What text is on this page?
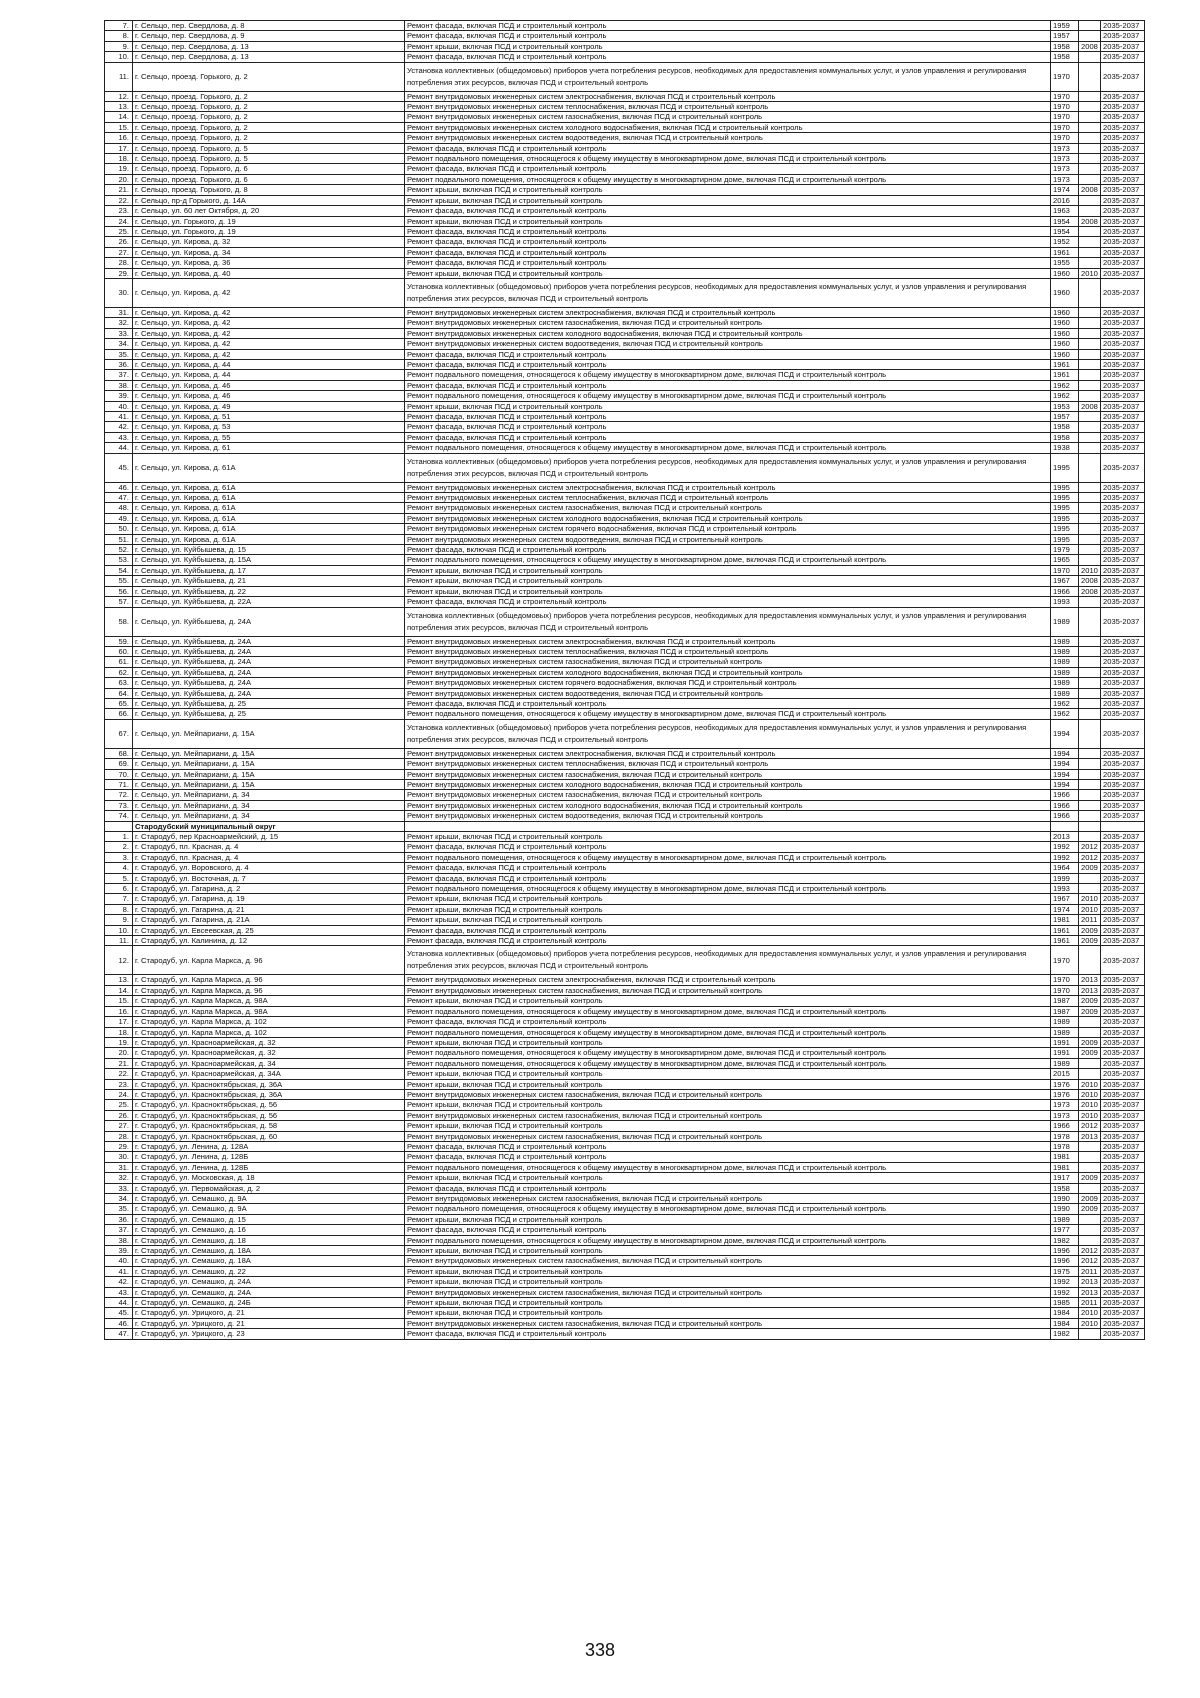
7.	г. Сельцо, пер. Свердлова, д. 8	Ремонт фасада, включая ПСД и строительный контроль	1959		2035-2037
8.	г. Сельцо, пер. Свердлова, д. 9	Ремонт фасада, включая ПСД и строительный контроль	1957		2035-2037
9.	г. Сельцо, пер. Свердлова, д. 13	Ремонт крыши, включая ПСД и строительный контроль	1958	2008	2035-2037
10.	г. Сельцо, пер. Свердлова, д. 13	Ремонт фасада, включая ПСД и строительный контроль	1958		2035-2037
11.	г. Сельцо, проезд. Горького, д. 2	Установка коллективных (общедомовых) приборов учета потребления ресурсов, необходимых для предоставления коммунальных услуг, и узлов управления и регулирования потребления этих ресурсов, включая ПСД и строительный контроль	1970		2035-2037
12.	г. Сельцо, проезд. Горького, д. 2	Ремонт внутридомовых инженерных систем электроснабжения, включая ПСД и строительный контроль	1970		2035-2037
13.	г. Сельцо, проезд. Горького, д. 2	Ремонт внутридомовых инженерных систем теплоснабжения, включая ПСД и строительный контроль	1970		2035-2037
14.	г. Сельцо, проезд. Горького, д. 2	Ремонт внутридомовых инженерных систем газоснабжения, включая ПСД и строительный контроль	1970		2035-2037
15.	г. Сельцо, проезд. Горького, д. 2	Ремонт внутридомовых инженерных систем холодного водоснабжения, включая ПСД и строительный контроль	1970		2035-2037
16.	г. Сельцо, проезд. Горького, д. 2	Ремонт внутридомовых инженерных систем водоотведения, включая ПСД и строительный контроль	1970		2035-2037
17.	г. Сельцо, проезд. Горького, д. 5	Ремонт фасада, включая ПСД и строительный контроль	1973		2035-2037
18.	г. Сельцо, проезд. Горького, д. 5	Ремонт подвального помещения, относящегося к общему имуществу в многоквартирном доме, включая ПСД и строительный контроль	1973		2035-2037
19.	г. Сельцо, проезд. Горького, д. 6	Ремонт фасада, включая ПСД и строительный контроль	1973		2035-2037
20.	г. Сельцо, проезд. Горького, д. 6	Ремонт подвального помещения, относящегося к общему имуществу в многоквартирном доме, включая ПСД и строительный контроль	1973		2035-2037
21.	г. Сельцо, проезд. Горького, д. 8	Ремонт крыши, включая ПСД и строительный контроль	1974	2008	2035-2037
22.	г. Сельцо, пр-д Горького, д. 14А	Ремонт крыши, включая ПСД и строительный контроль	2016		2035-2037
23.	г. Сельцо, ул. 60 лет Октября, д. 20	Ремонт фасада, включая ПСД и строительный контроль	1963		2035-2037
24.	г. Сельцо, ул. Горького, д. 19	Ремонт крыши, включая ПСД и строительный контроль	1954	2008	2035-2037
25.	г. Сельцо, ул. Горького, д. 19	Ремонт фасада, включая ПСД и строительный контроль	1954		2035-2037
26.	г. Сельцо, ул. Кирова, д. 32	Ремонт фасада, включая ПСД и строительный контроль	1952		2035-2037
27.	г. Сельцо, ул. Кирова, д. 34	Ремонт фасада, включая ПСД и строительный контроль	1961		2035-2037
28.	г. Сельцо, ул. Кирова, д. 36	Ремонт фасада, включая ПСД и строительный контроль	1955		2035-2037
29.	г. Сельцо, ул. Кирова, д. 40	Ремонт крыши, включая ПСД и строительный контроль	1960	2010	2035-2037
30.	г. Сельцо, ул. Кирова, д. 42	Установка коллективных (общедомовых) приборов учета потребления ресурсов, необходимых для предоставления коммунальных услуг, и узлов управления и регулирования потребления этих ресурсов, включая ПСД и строительный контроль	1960		2035-2037
31.	г. Сельцо, ул. Кирова, д. 42	Ремонт внутридомовых инженерных систем электроснабжения, включая ПСД и строительный контроль	1960		2035-2037
32.	г. Сельцо, ул. Кирова, д. 42	Ремонт внутридомовых инженерных систем газоснабжения, включая ПСД и строительный контроль	1960		2035-2037
33.	г. Сельцо, ул. Кирова, д. 42	Ремонт внутридомовых инженерных систем холодного водоснабжения, включая ПСД и строительный контроль	1960		2035-2037
34.	г. Сельцо, ул. Кирова, д. 42	Ремонт внутридомовых инженерных систем водоотведения, включая ПСД и строительный контроль	1960		2035-2037
35.	г. Сельцо, ул. Кирова, д. 42	Ремонт фасада, включая ПСД и строительный контроль	1960		2035-2037
36.	г. Сельцо, ул. Кирова, д. 44	Ремонт фасада, включая ПСД и строительный контроль	1961		2035-2037
37.	г. Сельцо, ул. Кирова, д. 44	Ремонт подвального помещения, относящегося к общему имуществу в многоквартирном доме, включая ПСД и строительный контроль	1961		2035-2037
38.	г. Сельцо, ул. Кирова, д. 46	Ремонт фасада, включая ПСД и строительный контроль	1962		2035-2037
39.	г. Сельцо, ул. Кирова, д. 46	Ремонт подвального помещения, относящегося к общему имуществу в многоквартирном доме, включая ПСД и строительный контроль	1962		2035-2037
40.	г. Сельцо, ул. Кирова, д. 49	Ремонт крыши, включая ПСД и строительный контроль	1953	2008	2035-2037
41.	г. Сельцо, ул. Кирова, д. 51	Ремонт фасада, включая ПСД и строительный контроль	1957		2035-2037
42.	г. Сельцо, ул. Кирова, д. 53	Ремонт фасада, включая ПСД и строительный контроль	1958		2035-2037
43.	г. Сельцо, ул. Кирова, д. 55	Ремонт фасада, включая ПСД и строительный контроль	1958		2035-2037
44.	г. Сельцо, ул. Кирова, д. 61	Ремонт подвального помещения, относящегося к общему имуществу в многоквартирном доме, включая ПСД и строительный контроль	1938		2035-2037
45.	г. Сельцо, ул. Кирова, д. 61А	Установка коллективных (общедомовых) приборов учета потребления ресурсов, необходимых для предоставления коммунальных услуг, и узлов управления и регулирования потребления этих ресурсов, включая ПСД и строительный контроль	1995		2035-2037
46.	г. Сельцо, ул. Кирова, д. 61А	Ремонт внутридомовых инженерных систем электроснабжения, включая ПСД и строительный контроль	1995		2035-2037
47.	г. Сельцо, ул. Кирова, д. 61А	Ремонт внутридомовых инженерных систем теплоснабжения, включая ПСД и строительный контроль	1995		2035-2037
48.	г. Сельцо, ул. Кирова, д. 61А	Ремонт внутридомовых инженерных систем газоснабжения, включая ПСД и строительный контроль	1995		2035-2037
49.	г. Сельцо, ул. Кирова, д. 61А	Ремонт внутридомовых инженерных систем холодного водоснабжения, включая ПСД и строительный контроль	1995		2035-2037
50.	г. Сельцо, ул. Кирова, д. 61А	Ремонт внутридомовых инженерных систем горячего водоснабжения, включая ПСД и строительный контроль	1995		2035-2037
51.	г. Сельцо, ул. Кирова, д. 61А	Ремонт внутридомовых инженерных систем водоотведения, включая ПСД и строительный контроль	1995		2035-2037
52.	г. Сельцо, ул. Куйбышева, д. 15	Ремонт фасада, включая ПСД и строительный контроль	1979		2035-2037
53.	г. Сельцо, ул. Куйбышева, д. 15А	Ремонт подвального помещения, относящегося к общему имуществу в многоквартирном доме, включая ПСД и строительный контроль	1965		2035-2037
54.	г. Сельцо, ул. Куйбышева, д. 17	Ремонт крыши, включая ПСД и строительный контроль	1970	2010	2035-2037
55.	г. Сельцо, ул. Куйбышева, д. 21	Ремонт крыши, включая ПСД и строительный контроль	1967	2008	2035-2037
56.	г. Сельцо, ул. Куйбышева, д. 22	Ремонт крыши, включая ПСД и строительный контроль	1966	2008	2035-2037
57.	г. Сельцо, ул. Куйбышева, д. 22А	Ремонт фасада, включая ПСД и строительный контроль	1993		2035-2037
58.	г. Сельцо, ул. Куйбышева, д. 24А	Установка коллективных (общедомовых) приборов учета потребления ресурсов, необходимых для предоставления коммунальных услуг, и узлов управления и регулирования потребления этих ресурсов, включая ПСД и строительный контроль	1989		2035-2037
59.	г. Сельцо, ул. Куйбышева, д. 24А	Ремонт внутридомовых инженерных систем электроснабжения, включая ПСД и строительный контроль	1989		2035-2037
60.	г. Сельцо, ул. Куйбышева, д. 24А	Ремонт внутридомовых инженерных систем теплоснабжения, включая ПСД и строительный контроль	1989		2035-2037
61.	г. Сельцо, ул. Куйбышева, д. 24А	Ремонт внутридомовых инженерных систем газоснабжения, включая ПСД и строительный контроль	1989		2035-2037
62.	г. Сельцо, ул. Куйбышева, д. 24А	Ремонт внутридомовых инженерных систем холодного водоснабжения, включая ПСД и строительный контроль	1989		2035-2037
63.	г. Сельцо, ул. Куйбышева, д. 24А	Ремонт внутридомовых инженерных систем горячего водоснабжения, включая ПСД и строительный контроль	1989		2035-2037
64.	г. Сельцо, ул. Куйбышева, д. 24А	Ремонт внутридомовых инженерных систем водоотведения, включая ПСД и строительный контроль	1989		2035-2037
65.	г. Сельцо, ул. Куйбышева, д. 25	Ремонт фасада, включая ПСД и строительный контроль	1962		2035-2037
66.	г. Сельцо, ул. Куйбышева, д. 25	Ремонт подвального помещения, относящегося к общему имуществу в многоквартирном доме, включая ПСД и строительный контроль	1962		2035-2037
67.	г. Сельцо, ул. Мейпариани, д. 15А	Установка коллективных (общедомовых) приборов учета потребления ресурсов, необходимых для предоставления коммунальных услуг, и узлов управления и регулирования потребления этих ресурсов, включая ПСД и строительный контроль	1994		2035-2037
68.	г. Сельцо, ул. Мейпариани, д. 15А	Ремонт внутридомовых инженерных систем электроснабжения, включая ПСД и строительный контроль	1994		2035-2037
69.	г. Сельцо, ул. Мейпариани, д. 15А	Ремонт внутридомовых инженерных систем теплоснабжения, включая ПСД и строительный контроль	1994		2035-2037
70.	г. Сельцо, ул. Мейпариани, д. 15А	Ремонт внутридомовых инженерных систем газоснабжения, включая ПСД и строительный контроль	1994		2035-2037
71.	г. Сельцо, ул. Мейпариани, д. 15А	Ремонт внутридомовых инженерных систем холодного водоснабжения, включая ПСД и строительный контроль	1994		2035-2037
72.	г. Сельцо, ул. Мейпариани, д. 34	Ремонт внутридомовых инженерных систем газоснабжения, включая ПСД и строительный контроль	1966		2035-2037
73.	г. Сельцо, ул. Мейпариани, д. 34	Ремонт внутридомовых инженерных систем холодного водоснабжения, включая ПСД и строительный контроль	1966		2035-2037
74.	г. Сельцо, ул. Мейпариани, д. 34	Ремонт внутридомовых инженерных систем водоотведения, включая ПСД и строительный контроль	1966		2035-2037
	Стародубский муниципальный округ				
1.	г. Стародуб, пер Красноармейский, д. 15	Ремонт крыши, включая ПСД и строительный контроль	2013		2035-2037
2.	г. Стародуб, пл. Красная, д. 4	Ремонт фасада, включая ПСД и строительный контроль	1992	2012	2035-2037
3.	г. Стародуб, пл. Красная, д. 4	Ремонт подвального помещения, относящегося к общему имуществу в многоквартирном доме, включая ПСД и строительный контроль	1992	2012	2035-2037
4.	г. Стародуб, ул. Воровского, д. 4	Ремонт фасада, включая ПСД и строительный контроль	1964	2009	2035-2037
5.	г. Стародуб, ул. Восточная, д. 7	Ремонт фасада, включая ПСД и строительный контроль	1999		2035-2037
6.	г. Стародуб, ул. Гагарина, д. 2	Ремонт подвального помещения, относящегося к общему имуществу в многоквартирном доме, включая ПСД и строительный контроль	1993		2035-2037
7.	г. Стародуб, ул. Гагарина, д. 19	Ремонт крыши, включая ПСД и строительный контроль	1967	2010	2035-2037
8.	г. Стародуб, ул. Гагарина, д. 21	Ремонт крыши, включая ПСД и строительный контроль	1974	2010	2035-2037
9.	г. Стародуб, ул. Гагарина, д. 21А	Ремонт крыши, включая ПСД и строительный контроль	1981	2011	2035-2037
10.	г. Стародуб, ул. Евсеевская, д. 25	Ремонт фасада, включая ПСД и строительный контроль	1961	2009	2035-2037
11.	г. Стародуб, ул. Калинина, д. 12	Ремонт фасада, включая ПСД и строительный контроль	1961	2009	2035-2037
12.	г. Стародуб, ул. Карла Маркса, д. 96	Установка коллективных (общедомовых) приборов учета потребления ресурсов, необходимых для предоставления коммунальных услуг, и узлов управления и регулирования потребления этих ресурсов, включая ПСД и строительный контроль	1970		2035-2037
13.	г. Стародуб, ул. Карла Маркса, д. 96	Ремонт внутридомовых инженерных систем электроснабжения, включая ПСД и строительный контроль	1970	2013	2035-2037
14.	г. Стародуб, ул. Карла Маркса, д. 96	Ремонт внутридомовых инженерных систем газоснабжения, включая ПСД и строительный контроль	1970	2013	2035-2037
15.	г. Стародуб, ул. Карла Маркса, д. 98А	Ремонт крыши, включая ПСД и строительный контроль	1987	2009	2035-2037
16.	г. Стародуб, ул. Карла Маркса, д. 98А	Ремонт подвального помещения, относящегося к общему имуществу в многоквартирном доме, включая ПСД и строительный контроль	1987	2009	2035-2037
17.	г. Стародуб, ул. Карла Маркса, д. 102	Ремонт фасада, включая ПСД и строительный контроль	1989		2035-2037
18.	г. Стародуб, ул. Карла Маркса, д. 102	Ремонт подвального помещения, относящегося к общему имуществу в многоквартирном доме, включая ПСД и строительный контроль	1989		2035-2037
19.	г. Стародуб, ул. Красноармейская, д. 32	Ремонт крыши, включая ПСД и строительный контроль	1991	2009	2035-2037
20.	г. Стародуб, ул. Красноармейская, д. 32	Ремонт подвального помещения, относящегося к общему имуществу в многоквартирном доме, включая ПСД и строительный контроль	1991	2009	2035-2037
21.	г. Стародуб, ул. Красноармейская, д. 34	Ремонт подвального помещения, относящегося к общему имуществу в многоквартирном доме, включая ПСД и строительный контроль	1989		2035-2037
22.	г. Стародуб, ул. Красноармейская, д. 34А	Ремонт крыши, включая ПСД и строительный контроль	2015		2035-2037
23.	г. Стародуб, ул. Красноктябрьская, д. 36А	Ремонт крыши, включая ПСД и строительный контроль	1976	2010	2035-2037
24.	г. Стародуб, ул. Красноктябрьская, д. 36А	Ремонт внутридомовых инженерных систем газоснабжения, включая ПСД и строительный контроль	1976	2010	2035-2037
25.	г. Стародуб, ул. Красноктябрьская, д. 56	Ремонт крыши, включая ПСД и строительный контроль	1973	2010	2035-2037
26.	г. Стародуб, ул. Красноктябрьская, д. 56	Ремонт внутридомовых инженерных систем газоснабжения, включая ПСД и строительный контроль	1973	2010	2035-2037
27.	г. Стародуб, ул. Красноктябрьская, д. 58	Ремонт крыши, включая ПСД и строительный контроль	1966	2012	2035-2037
28.	г. Стародуб, ул. Красноктябрьская, д. 60	Ремонт внутридомовых инженерных систем газоснабжения, включая ПСД и строительный контроль	1978	2013	2035-2037
29.	г. Стародуб, ул. Ленина, д. 128А	Ремонт фасада, включая ПСД и строительный контроль	1978		2035-2037
30.	г. Стародуб, ул. Ленина, д. 128Б	Ремонт фасада, включая ПСД и строительный контроль	1981		2035-2037
31.	г. Стародуб, ул. Ленина, д. 128Б	Ремонт подвального помещения, относящегося к общему имуществу в многоквартирном доме, включая ПСД и строительный контроль	1981		2035-2037
32.	г. Стародуб, ул. Московская, д. 18	Ремонт крыши, включая ПСД и строительный контроль	1917	2009	2035-2037
33.	г. Стародуб, ул. Первомайская, д. 2	Ремонт фасада, включая ПСД и строительный контроль	1958		2035-2037
34.	г. Стародуб, ул. Семашко, д. 9А	Ремонт внутридомовых инженерных систем газоснабжения, включая ПСД и строительный контроль	1990	2009	2035-2037
35.	г. Стародуб, ул. Семашко, д. 9А	Ремонт подвального помещения, относящегося к общему имуществу в многоквартирном доме, включая ПСД и строительный контроль	1990	2009	2035-2037
36.	г. Стародуб, ул. Семашко, д. 15	Ремонт крыши, включая ПСД и строительный контроль	1989		2035-2037
37.	г. Стародуб, ул. Семашко, д. 16	Ремонт фасада, включая ПСД и строительный контроль	1977		2035-2037
38.	г. Стародуб, ул. Семашко, д. 18	Ремонт подвального помещения, относящегося к общему имуществу в многоквартирном доме, включая ПСД и строительный контроль	1982		2035-2037
39.	г. Стародуб, ул. Семашко, д. 18А	Ремонт крыши, включая ПСД и строительный контроль	1996	2012	2035-2037
40.	г. Стародуб, ул. Семашко, д. 18А	Ремонт внутридомовых инженерных систем газоснабжения, включая ПСД и строительный контроль	1996	2012	2035-2037
41.	г. Стародуб, ул. Семашко, д. 22	Ремонт крыши, включая ПСД и строительный контроль	1975	2011	2035-2037
42.	г. Стародуб, ул. Семашко, д. 24А	Ремонт крыши, включая ПСД и строительный контроль	1992	2013	2035-2037
43.	г. Стародуб, ул. Семашко, д. 24А	Ремонт внутридомовых инженерных систем газоснабжения, включая ПСД и строительный контроль	1992	2013	2035-2037
44.	г. Стародуб, ул. Семашко, д. 24Б	Ремонт крыши, включая ПСД и строительный контроль	1985	2011	2035-2037
45.	г. Стародуб, ул. Урицкого, д. 21	Ремонт крыши, включая ПСД и строительный контроль	1984	2010	2035-2037
46.	г. Стародуб, ул. Урицкого, д. 21	Ремонт внутридомовых инженерных систем газоснабжения, включая ПСД и строительный контроль	1984	2010	2035-2037
47.	г. Стародуб, ул. Урицкого, д. 23	Ремонт фасада, включая ПСД и строительный контроль	1982		2035-2037
338
